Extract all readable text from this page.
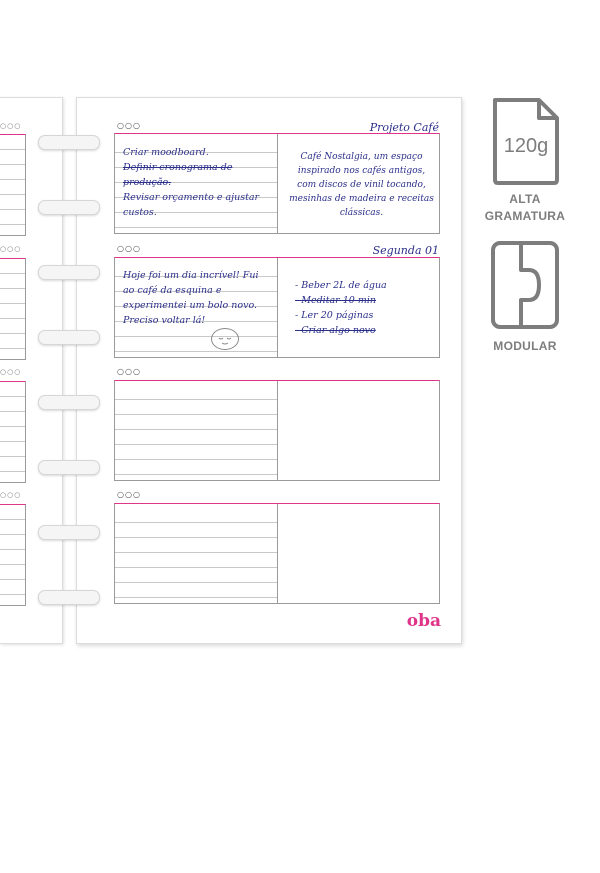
○○○
○○○
○○○
○○○
○○○	Projeto Café
Criar moodboard.
Definir cronograma de
produção.
Revisar orçamento e ajustar
custos.
Café Nostalgia, um espaço inspirado nos cafés antigos, com discos de vinil tocando, mesinhas de madeira e receitas clássicas.
○○○	Segunda 01
Hoje foi um dia incrível! Fui
ao café da esquina e
experimentei um bolo novo.
Preciso voltar lá!
- Beber 2L de água
- Meditar 10 min
- Ler 20 páginas
- Criar algo novo
○○○
○○○
oba
120g
ALTA
GRAMATURA
MODULAR
